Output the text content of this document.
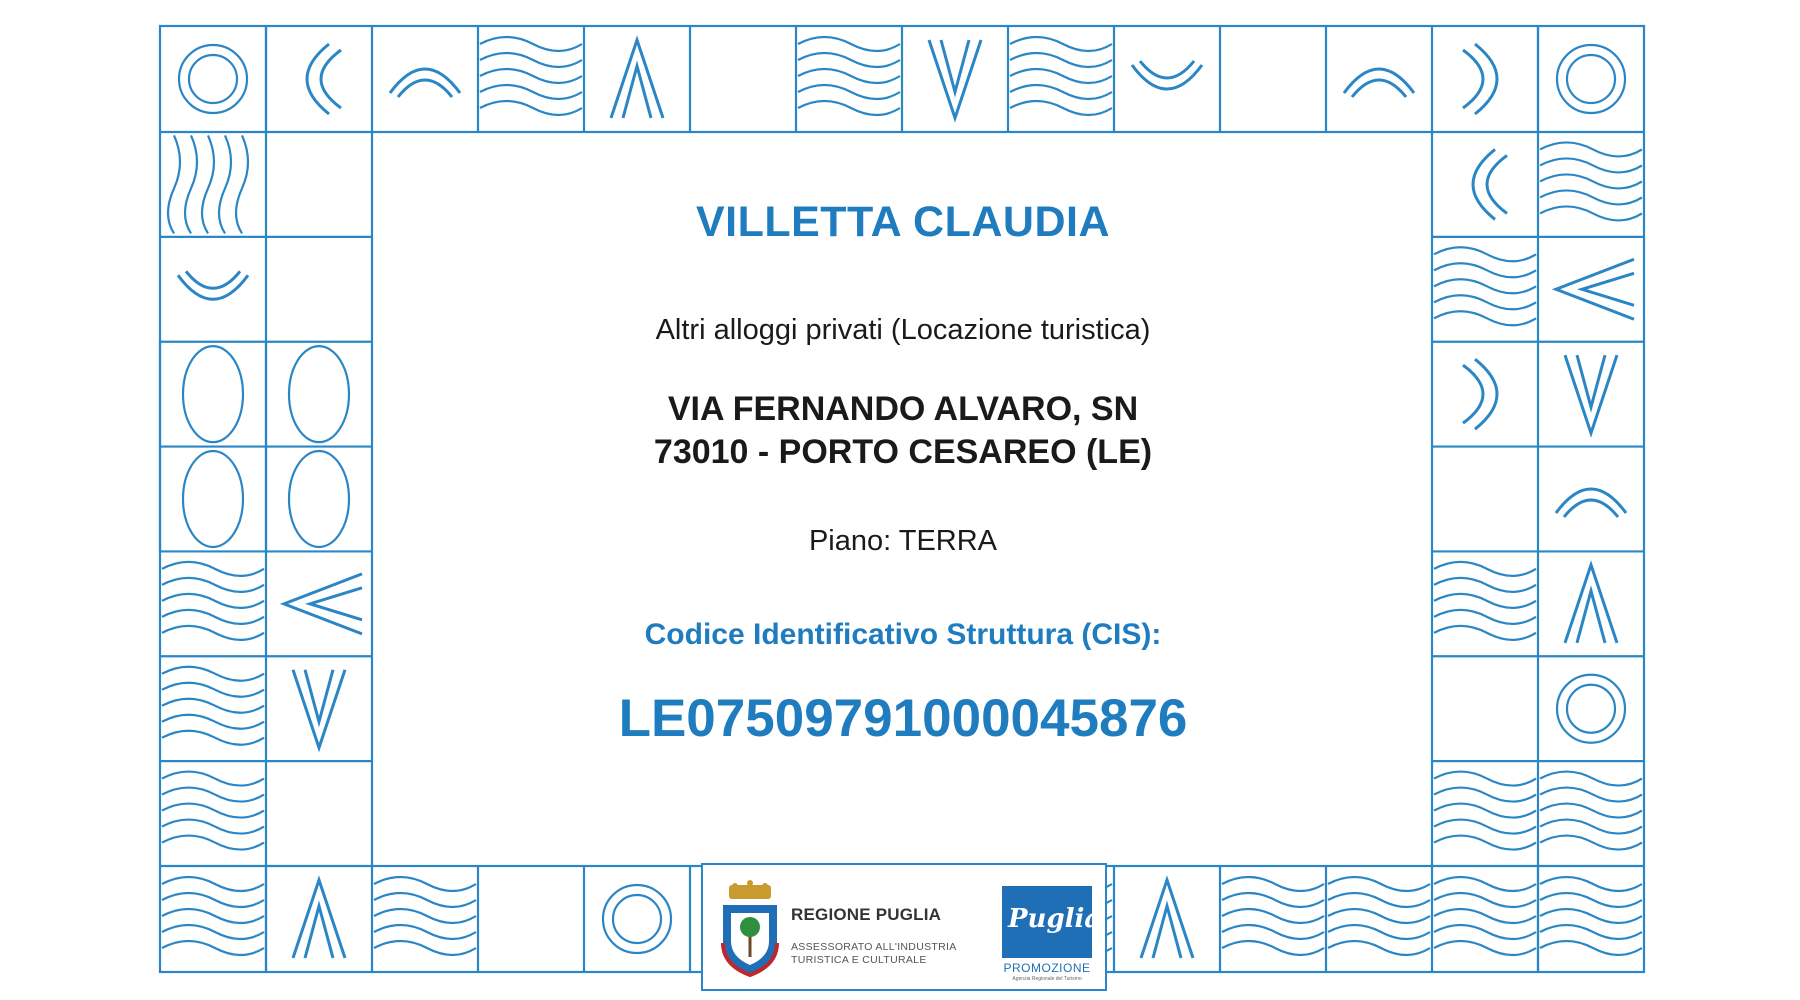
VILLETTA CLAUDIA
Altri alloggi privati (Locazione turistica)
VIA FERNANDO ALVARO, SN
73010 - PORTO CESAREO (LE)
Piano: TERRA
Codice Identificativo Struttura (CIS):
LE07509791000045876
REGIONE PUGLIA
ASSESSORATO ALL'INDUSTRIA
TURISTICA E CULTURALE
Puglia
PROMOZIONE
Agenzia Regionale del Turismo
